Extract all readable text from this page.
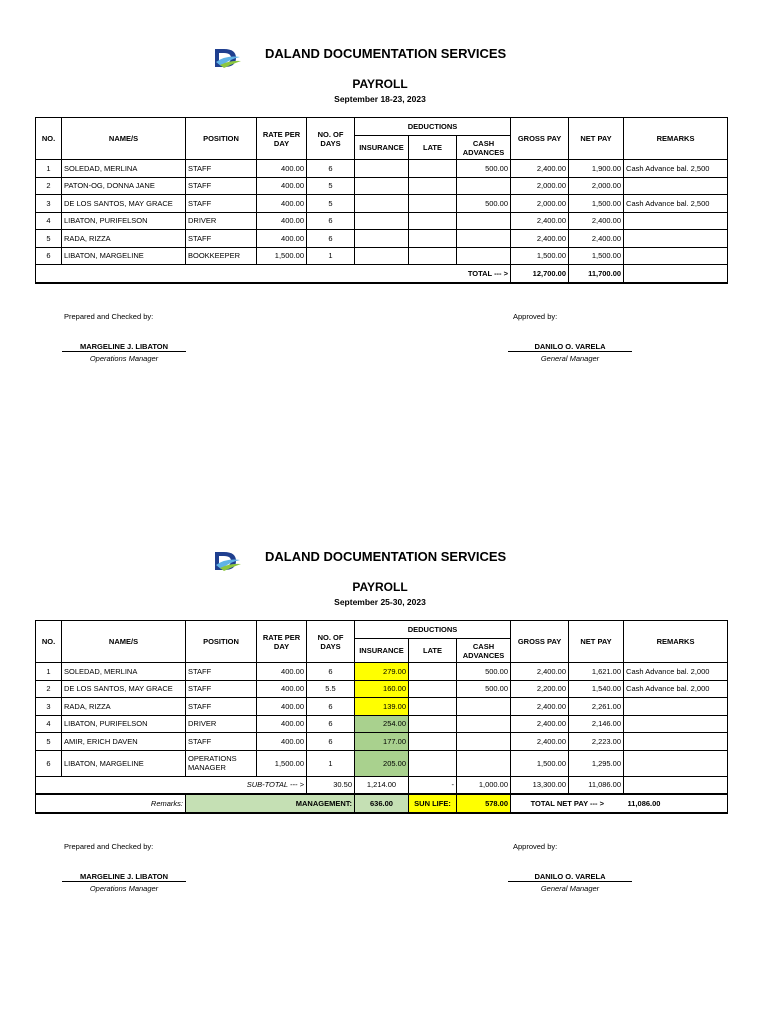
DALAND DOCUMENTATION SERVICES
PAYROLL
September 18-23, 2023
NO.	NAME/S	POSITION	RATE PER DAY	NO. OF DAYS	DEDUCTIONS			GROSS PAY	NET PAY	REMARKS
					INSURANCE	LATE	CASH ADVANCES			
1	SOLEDAD, MERLINA	STAFF	400.00	6			500.00	2,400.00	1,900.00	Cash Advance bal. 2,500
2	PATON-OG, DONNA JANE	STAFF	400.00	5				2,000.00	2,000.00	
3	DE LOS SANTOS, MAY GRACE	STAFF	400.00	5			500.00	2,000.00	1,500.00	Cash Advance bal. 2,500
4	LIBATON, PURIFELSON	DRIVER	400.00	6				2,400.00	2,400.00	
5	RADA, RIZZA	STAFF	400.00	6				2,400.00	2,400.00	
6	LIBATON, MARGELINE	BOOKKEEPER	1,500.00	1				1,500.00	1,500.00	
TOTAL --- >								12,700.00	11,700.00	
Prepared and Checked by:	Approved by:
MARGELINE J. LIBATON
Operations Manager
DANILO O. VARELA
General Manager
DALAND DOCUMENTATION SERVICES
PAYROLL
September 25-30, 2023
NO.	NAME/S	POSITION	RATE PER DAY	NO. OF DAYS	DEDUCTIONS			GROSS PAY	NET PAY	REMARKS
					INSURANCE	LATE	CASH ADVANCES			
1	SOLEDAD, MERLINA	STAFF	400.00	6	279.00		500.00	2,400.00	1,621.00	Cash Advance bal. 2,000
2	DE LOS SANTOS, MAY GRACE	STAFF	400.00	5.5	160.00		500.00	2,200.00	1,540.00	Cash Advance bal. 2,000
3	RADA, RIZZA	STAFF	400.00	6	139.00			2,400.00	2,261.00	
4	LIBATON, PURIFELSON	DRIVER	400.00	6	254.00			2,400.00	2,146.00	
5	AMIR, ERICH DAVEN	STAFF	400.00	6	177.00			2,400.00	2,223.00	
6	LIBATON, MARGELINE	OPERATIONS MANAGER	1,500.00	1	205.00			1,500.00	1,295.00	
SUB-TOTAL --- >				30.50	1,214.00	-	1,000.00	13,300.00	11,086.00	
Remarks:		MANAGEMENT:			636.00	SUN LIFE:	578.00	TOTAL NET PAY --- >		11,086.00
Prepared and Checked by:	Approved by:
MARGELINE J. LIBATON
Operations Manager
DANILO O. VARELA
General Manager
